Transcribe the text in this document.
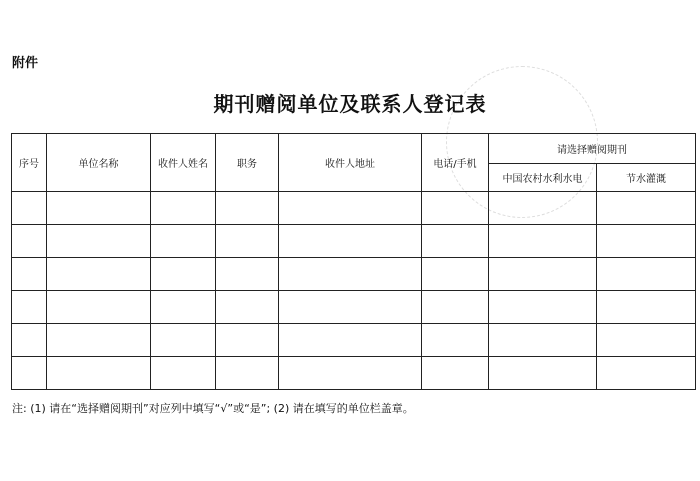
附件
期刊赠阅单位及联系人登记表
序号	单位名称	收件人姓名	职务	收件人地址	电话/手机	请选择赠阅期刊	
						中国农村水利水电	节水灌溉

注: (1) 请在“选择赠阅期刊”对应列中填写“√”或“是”; (2) 请在填写的单位栏盖章。
